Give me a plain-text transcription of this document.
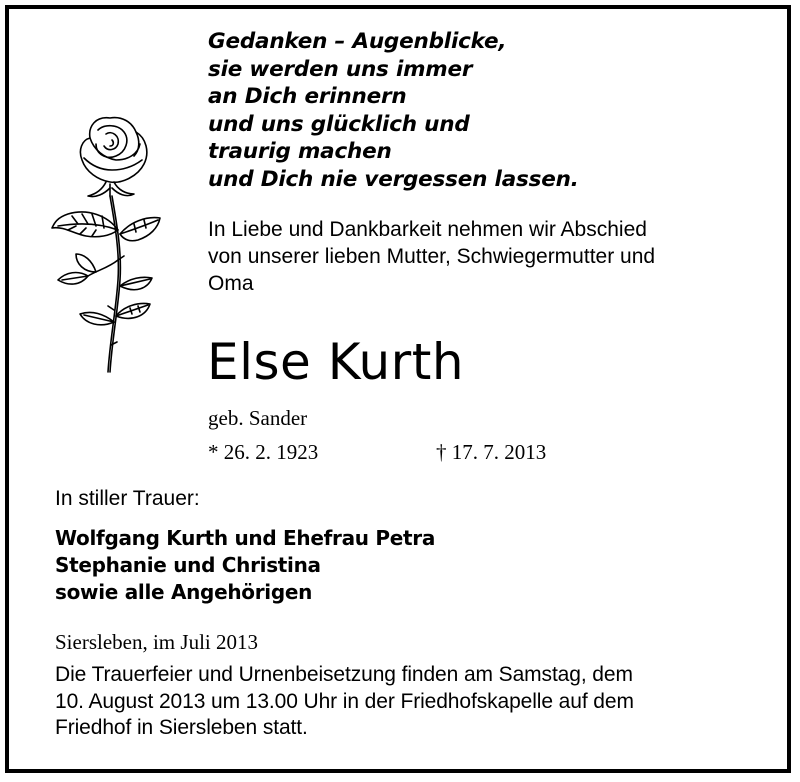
Gedanken – Augenblicke,
sie werden uns immer
an Dich erinnern
und uns glücklich und
traurig machen
und Dich nie vergessen lassen.
In Liebe und Dankbarkeit nehmen wir Abschied
von unserer lieben Mutter, Schwiegermutter und
Oma
Else Kurth
geb. Sander
* 26. 2. 1923	† 17. 7. 2013
In stiller Trauer:
Wolfgang Kurth und Ehefrau Petra
Stephanie und Christina
sowie alle Angehörigen
Siersleben, im Juli 2013
Die Trauerfeier und Urnenbeisetzung finden am Samstag, dem
10. August 2013 um 13.00 Uhr in der Friedhofskapelle auf dem
Friedhof in Siersleben statt.
